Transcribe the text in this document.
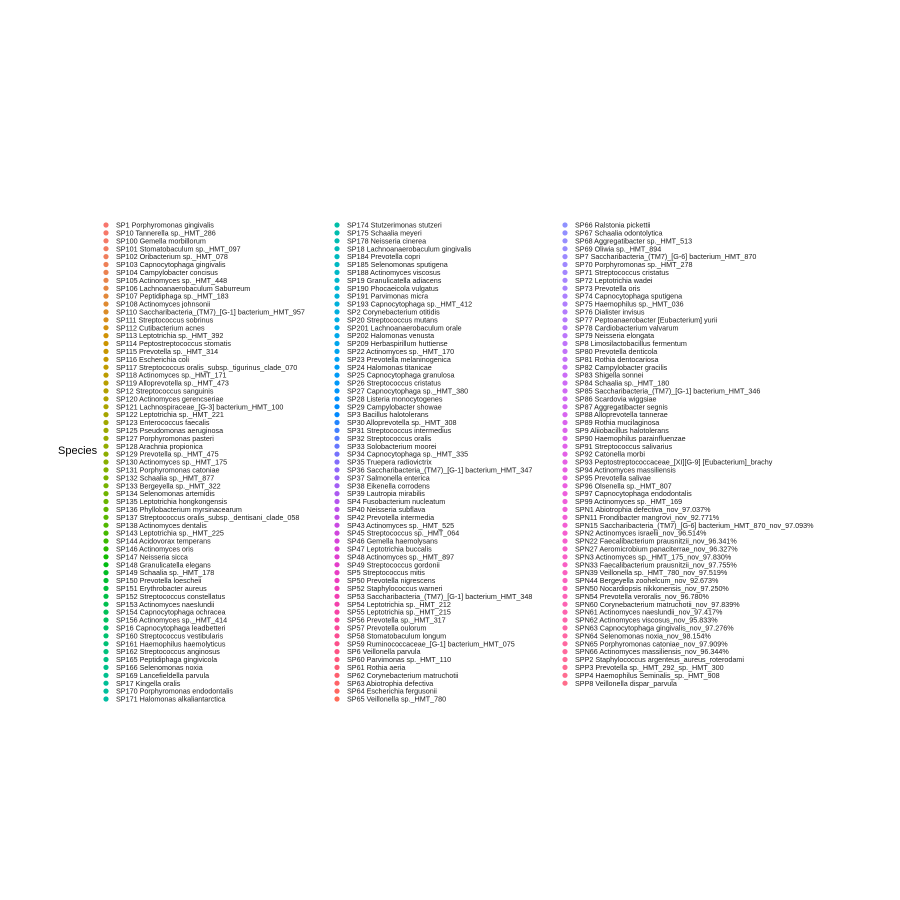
Species
SP1 Porphyromonas gingivalis
SP10 Tannerella sp._HMT_286
SP100 Gemella morbillorum
SP101 Stomatobaculum sp._HMT_097
SP102 Oribacterium sp._HMT_078
SP103 Capnocytophaga gingivalis
SP104 Campylobacter concisus
SP105 Actinomyces sp._HMT_448
SP106 Lachnoanaerobaculum Saburreum
SP107 Peptidiphaga sp._HMT_183
SP108 Actinomyces johnsonii
SP110 Saccharibacteria_(TM7)_[G-1] bacterium_HMT_957
SP111 Streptococcus sobrinus
SP112 Cutibacterium acnes
SP113 Leptotrichia sp._HMT_392
SP114 Peptostreptococcus stomatis
SP115 Prevotella sp._HMT_314
SP116 Escherichia coli
SP117 Streptococcus oralis_subsp._tigurinus_clade_070
SP118 Actinomyces sp._HMT_171
SP119 Alloprevotella sp._HMT_473
SP12 Streptococcus sanguinis
SP120 Actinomyces gerencseriae
SP121 Lachnospiraceae_[G-3] bacterium_HMT_100
SP122 Leptotrichia sp._HMT_221
SP123 Enterococcus faecalis
SP125 Pseudomonas aeruginosa
SP127 Porphyromonas pasteri
SP128 Arachnia propionica
SP129 Prevotella sp._HMT_475
SP130 Actinomyces sp._HMT_175
SP131 Porphyromonas catoniae
SP132 Schaalia sp._HMT_877
SP133 Bergeyella sp._HMT_322
SP134 Selenomonas artemidis
SP135 Leptotrichia hongkongensis
SP136 Phyllobacterium myrsinacearum
SP137 Streptococcus oralis_subsp._dentisani_clade_058
SP138 Actinomyces dentalis
SP143 Leptotrichia sp._HMT_225
SP144 Acidovorax temperans
SP146 Actinomyces oris
SP147 Neisseria sicca
SP148 Granulicatella elegans
SP149 Schaalia sp._HMT_178
SP150 Prevotella loescheii
SP151 Erythrobacter aureus
SP152 Streptococcus constellatus
SP153 Actinomyces naeslundii
SP154 Capnocytophaga ochracea
SP156 Actinomyces sp._HMT_414
SP16 Capnocytophaga leadbetteri
SP160 Streptococcus vestibularis
SP161 Haemophilus haemolyticus
SP162 Streptococcus anginosus
SP165 Peptidiphaga gingivicola
SP166 Selenomonas noxia
SP169 Lancefieldella parvula
SP17 Kingella oralis
SP170 Porphyromonas endodontalis
SP171 Halomonas alkaliantarctica
SP174 Stutzerimonas stutzeri
SP175 Schaalia meyeri
SP178 Neisseria cinerea
SP18 Lachnoanaerobaculum gingivalis
SP184 Prevotella copri
SP185 Selenomonas sputigena
SP188 Actinomyces viscosus
SP19 Granulicatella adiacens
SP190 Phocaeicola vulgatus
SP191 Parvimonas micra
SP193 Capnocytophaga sp._HMT_412
SP2 Corynebacterium otitidis
SP20 Streptococcus mutans
SP201 Lachnoanaerobaculum orale
SP202 Halomonas venusta
SP209 Herbaspirillum huttiense
SP22 Actinomyces sp._HMT_170
SP23 Prevotella melaninogenica
SP24 Halomonas titanicae
SP25 Capnocytophaga granulosa
SP26 Streptococcus cristatus
SP27 Capnocytophaga sp._HMT_380
SP28 Listeria monocytogenes
SP29 Campylobacter showae
SP3 Bacillus halotolerans
SP30 Alloprevotella sp._HMT_308
SP31 Streptococcus intermedius
SP32 Streptococcus oralis
SP33 Solobacterium moorei
SP34 Capnocytophaga sp._HMT_335
SP35 Truepera radiovictrix
SP36 Saccharibacteria_(TM7)_[G-1] bacterium_HMT_347
SP37 Salmonella enterica
SP38 Eikenella corrodens
SP39 Lautropia mirabilis
SP4 Fusobacterium nucleatum
SP40 Neisseria subflava
SP42 Prevotella intermedia
SP43 Actinomyces sp._HMT_525
SP45 Streptococcus sp._HMT_064
SP46 Gemella haemolysans
SP47 Leptotrichia buccalis
SP48 Actinomyces sp._HMT_897
SP49 Streptococcus gordonii
SP5 Streptococcus mitis
SP50 Prevotella nigrescens
SP52 Staphylococcus warneri
SP53 Saccharibacteria_(TM7)_[G-1] bacterium_HMT_348
SP54 Leptotrichia sp._HMT_212
SP55 Leptotrichia sp._HMT_215
SP56 Prevotella sp._HMT_317
SP57 Prevotella oulorum
SP58 Stomatobaculum longum
SP59 Ruminococcaceae_[G-1] bacterium_HMT_075
SP6 Veillonella parvula
SP60 Parvimonas sp._HMT_110
SP61 Rothia aeria
SP62 Corynebacterium matruchotii
SP63 Abiotrophia defectiva
SP64 Escherichia fergusonii
SP65 Veillonella sp._HMT_780
SP66 Ralstonia pickettii
SP67 Schaalia odontolytica
SP68 Aggregatibacter sp._HMT_513
SP69 Oliwia sp._HMT_894
SP7 Saccharibacteria_(TM7)_[G-6] bacterium_HMT_870
SP70 Porphyromonas sp._HMT_278
SP71 Streptococcus cristatus
SP72 Leptotrichia wadei
SP73 Prevotella oris
SP74 Capnocytophaga sputigena
SP75 Haemophilus sp._HMT_036
SP76 Dialister invisus
SP77 Peptoanaerobacter [Eubacterium] yurii
SP78 Cardiobacterium valvarum
SP79 Neisseria elongata
SP8 Limosilactobacillus fermentum
SP80 Prevotella denticola
SP81 Rothia dentocariosa
SP82 Campylobacter gracilis
SP83 Shigella sonnei
SP84 Schaalia sp._HMT_180
SP85 Saccharibacteria_(TM7)_[G-1] bacterium_HMT_346
SP86 Scardovia wiggsiae
SP87 Aggregatibacter segnis
SP88 Alloprevotella tannerae
SP89 Rothia mucilaginosa
SP9 Aliiobacillus halotolerans
SP90 Haemophilus parainfluenzae
SP91 Streptococcus salivarius
SP92 Catonella morbi
SP93 Peptostreptococcaceae_[XI][G-9] [Eubacterium]_brachy
SP94 Actinomyces massiliensis
SP95 Prevotella salivae
SP96 Olsenella sp._HMT_807
SP97 Capnocytophaga endodontalis
SP99 Actinomyces sp._HMT_169
SPN1 Abiotrophia defectiva_nov_97.037%
SPN11 Frondibacter mangrovi_nov_92.771%
SPN15 Saccharibacteria_(TM7)_[G-6] bacterium_HMT_870_nov_97.093%
SPN2 Actinomyces israelii_nov_96.514%
SPN22 Faecalibacterium prausnitzii_nov_96.341%
SPN27 Aeromicrobium panaciterrae_nov_96.327%
SPN3 Actinomyces sp._HMT_175_nov_97.830%
SPN33 Faecalibacterium prausnitzii_nov_97.755%
SPN39 Veillonella sp._HMT_780_nov_97.519%
SPN44 Bergeyella zoohelcum_nov_92.673%
SPN50 Nocardiopsis nikkonensis_nov_97.250%
SPN54 Prevotella veroralis_nov_96.780%
SPN60 Corynebacterium matruchotii_nov_97.839%
SPN61 Actinomyces naeslundii_nov_97.417%
SPN62 Actinomyces viscosus_nov_95.833%
SPN63 Capnocytophaga gingivalis_nov_97.276%
SPN64 Selenomonas noxia_nov_98.154%
SPN65 Porphyromonas catoniae_nov_97.909%
SPN66 Actinomyces massiliensis_nov_96.344%
SPP2 Staphylococcus argenteus_aureus_roterodami
SPP3 Prevotella sp._HMT_292_sp._HMT_300
SPP4 Haemophilus Seminalis_sp._HMT_908
SPP8 Veillonella dispar_parvula
